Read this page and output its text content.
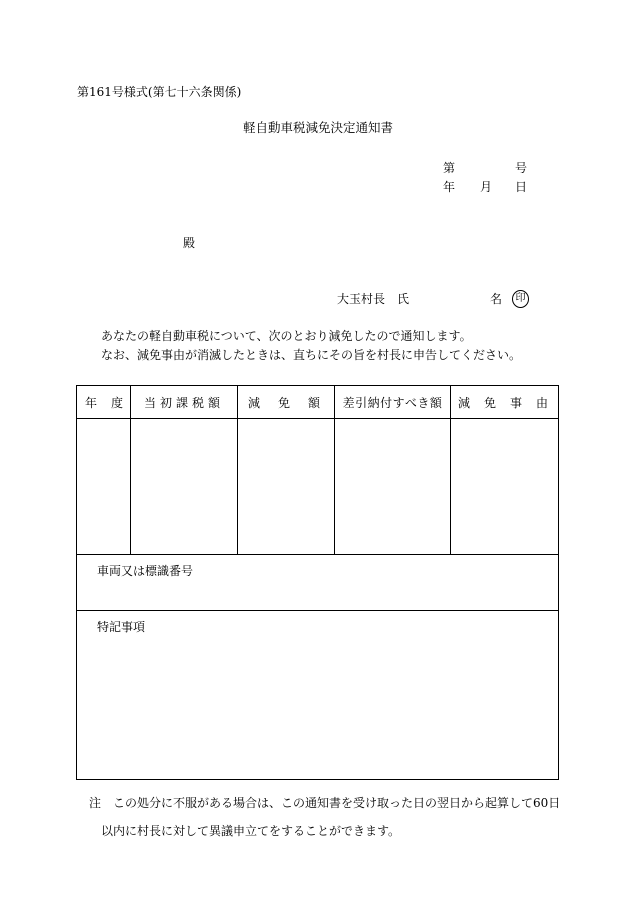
第161号様式(第七十六条関係)
軽自動車税減免決定通知書
第	号
年 月 日
殿
大玉村長　氏	名	印
あなたの軽自動車税について、次のとおり減免したので通知します。
なお、減免事由が消滅したときは、直ちにその旨を村長に申告してください。
年度	当初課税額	減免額	差引納付すべき額	減免事由

車両又は標識番号				

特記事項				
注　この処分に不服がある場合は、この通知書を受け取った日の翌日から起算して60日
以内に村長に対して異議申立てをすることができます。
